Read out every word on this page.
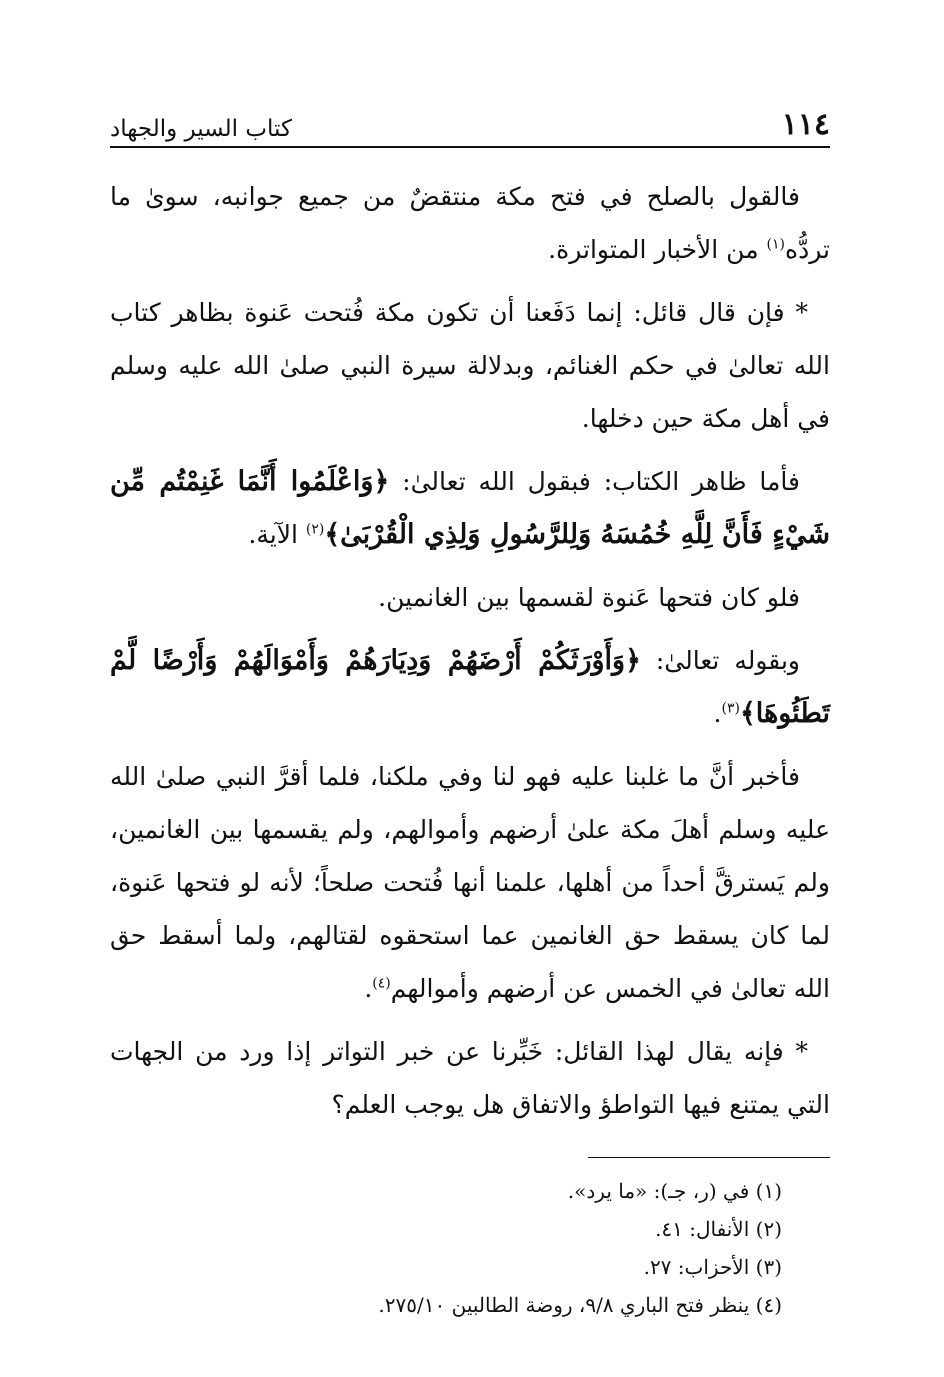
١١٤
كتاب السير والجهاد

فالقول بالصلح في فتح مكة منتقضٌ من جميع جوانبه، سوىٰ ما تردُّه$^{(١)}$ من الأخبار المتواترة.

* فإن قال قائل: إنما دَفَعنا أن تكون مكة فُتحت عَنوة بظاهر كتاب الله تعالىٰ في حكم الغنائم، وبدلالة سيرة النبي صلىٰ الله عليه وسلم في أهل مكة حين دخلها.

فأما ظاهر الكتاب: فبقول الله تعالىٰ: ﴿وَاعْلَمُوا أَنَّمَا غَنِمْتُم مِّن شَيْءٍ فَأَنَّ لِلَّهِ خُمُسَهُ وَلِلرَّسُولِ وَلِذِي الْقُرْبَىٰ﴾$^{(٢)}$ الآية.

فلو كان فتحها عَنوة لقسمها بين الغانمين.

وبقوله تعالىٰ: ﴿وَأَوْرَثَكُمْ أَرْضَهُمْ وَدِيَارَهُمْ وَأَمْوَالَهُمْ وَأَرْضًا لَّمْ تَطَئُوهَا﴾$^{(٣)}$.

فأخبر أنَّ ما غلبنا عليه فهو لنا وفي ملكنا، فلما أقرَّ النبي صلىٰ الله عليه وسلم أهلَ مكة علىٰ أرضهم وأموالهم، ولم يقسمها بين الغانمين، ولم يَسترقَّ أحداً من أهلها، علمنا أنها فُتحت صلحاً؛ لأنه لو فتحها عَنوة، لما كان يسقط حق الغانمين عما استحقوه لقتالهم، ولما أسقط حق الله تعالىٰ في الخمس عن أرضهم وأموالهم$^{(٤)}$.

* فإنه يقال لهذا القائل: خَبِّرنا عن خبر التواتر إذا ورد من الجهات التي يمتنع فيها التواطؤ والاتفاق هل يوجب العلم؟

(١) في (ر، جـ): «ما يرد».

(٢) الأنفال: ٤١.

(٣) الأحزاب: ٢٧.

(٤) ينظر فتح الباري ٩/٨، روضة الطالبين ٢٧٥/١٠.
